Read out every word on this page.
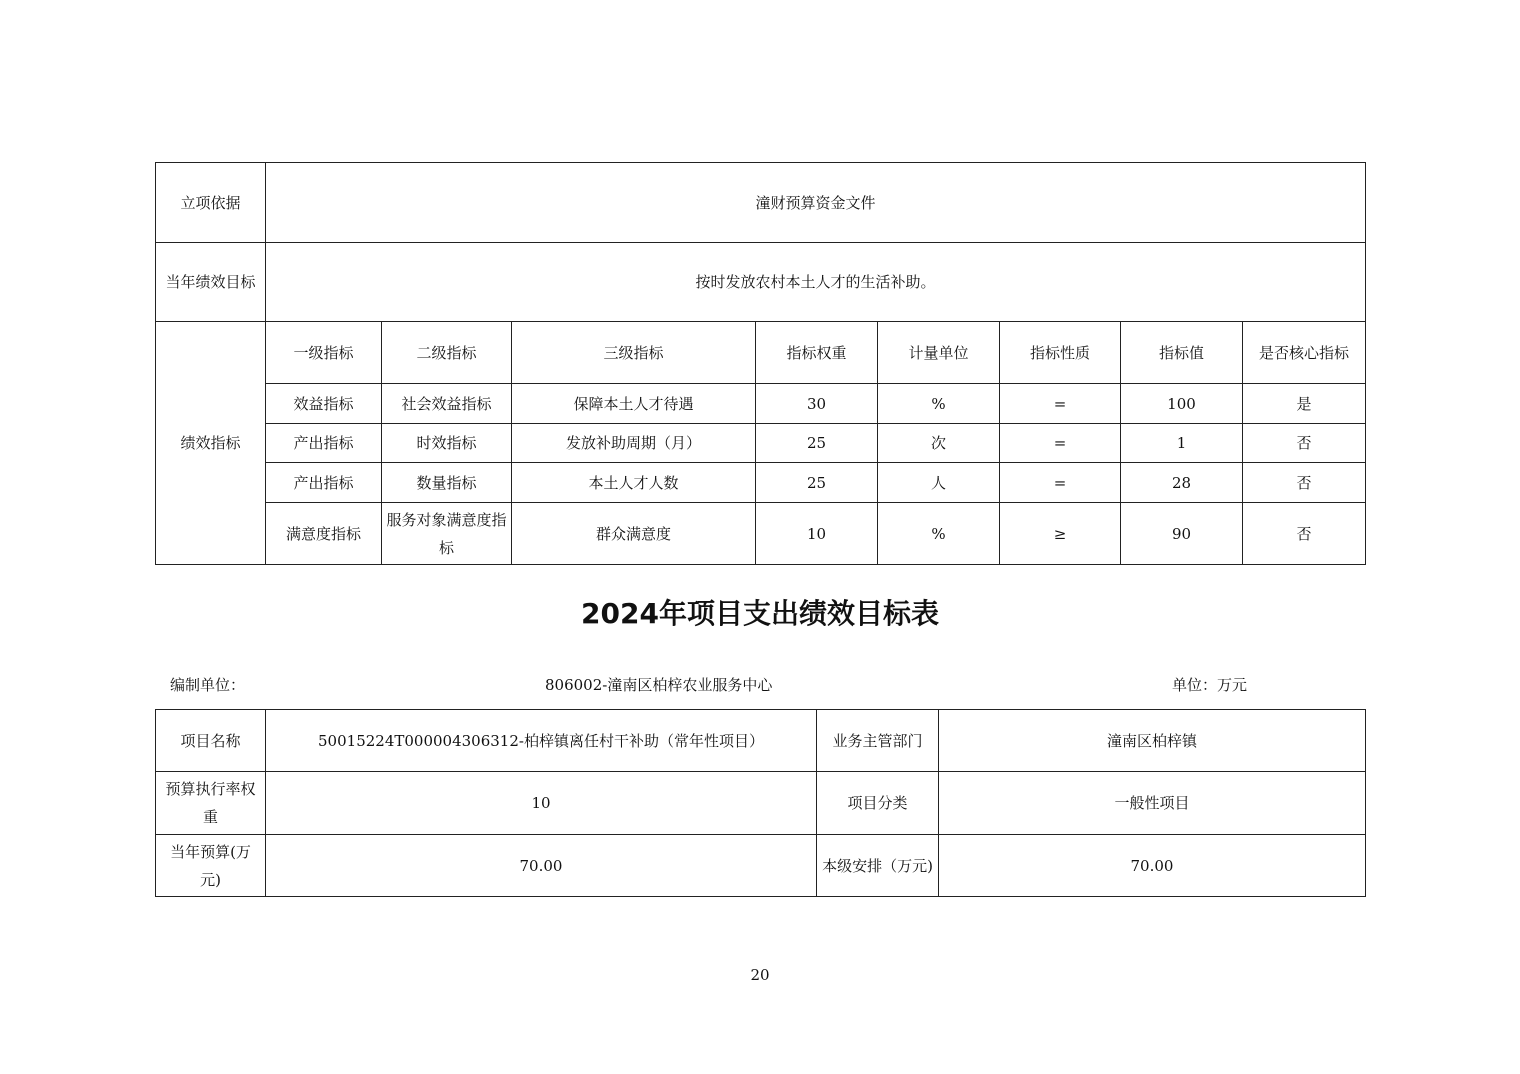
立项依据	潼财预算资金文件							
当年绩效目标	按时发放农村本土人才的生活补助。							
绩效指标	一级指标	二级指标	三级指标	指标权重	计量单位	指标性质	指标值	是否核心指标
	效益指标	社会效益指标	保障本土人才待遇	30	%	=	100	是
	产出指标	时效指标	发放补助周期（月）	25	次	=	1	否
	产出指标	数量指标	本土人才人数	25	人	=	28	否
	满意度指标	服务对象满意度指标	群众满意度	10	%	≥	90	否
2024年项目支出绩效目标表
编制单位：	806002-潼南区柏梓农业服务中心	单位：万元
项目名称	50015224T000004306312-柏梓镇离任村干补助（常年性项目）	业务主管部门	潼南区柏梓镇
预算执行率权重	10	项目分类	一般性项目
当年预算(万元)	70.00	本级安排（万元)	70.00
20
